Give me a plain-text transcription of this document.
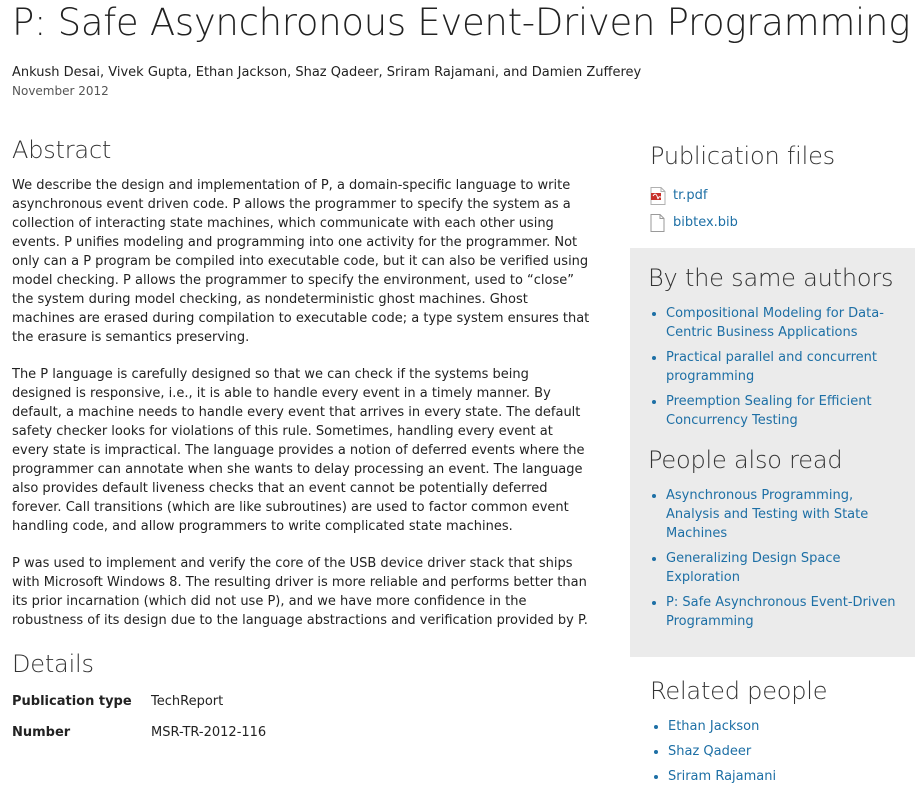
P: Safe Asynchronous Event-Driven Programming
Ankush Desai, Vivek Gupta, Ethan Jackson, Shaz Qadeer, Sriram Rajamani, and Damien Zufferey
November 2012
Abstract

We describe the design and implementation of P, a domain-specific language to write asynchronous event driven code. P allows the programmer to specify the system as a collection of interacting state machines, which communicate with each other using events. P unifies modeling and programming into one activity for the programmer. Not only can a P program be compiled into executable code, but it can also be verified using model checking. P allows the programmer to specify the environment, used to “close” the system during model checking, as nondeterministic ghost machines. Ghost machines are erased during compilation to executable code; a type system ensures that the erasure is semantics preserving.

The P language is carefully designed so that we can check if the systems being designed is responsive, i.e., it is able to handle every event in a timely manner. By default, a machine needs to handle every event that arrives in every state. The default safety checker looks for violations of this rule. Sometimes, handling every event at every state is impractical. The language provides a notion of deferred events where the programmer can annotate when she wants to delay processing an event. The language also provides default liveness checks that an event cannot be potentially deferred forever. Call transitions (which are like subroutines) are used to factor common event handling code, and allow programmers to write complicated state machines.

P was used to implement and verify the core of the USB device driver stack that ships with Microsoft Windows 8. The resulting driver is more reliable and performs better than its prior incarnation (which did not use P), and we have more confidence in the robustness of its design due to the language abstractions and verification provided by P.

Details
Publication type	TechReport
Number	MSR-TR-2012-116
Publication files
tr.pdf
bibtex.bib
By the same authors
• Compositional Modeling for Data-Centric Business Applications
• Practical parallel and concurrent programming
• Preemption Sealing for Efficient Concurrency Testing
People also read
• Asynchronous Programming, Analysis and Testing with State Machines
• Generalizing Design Space Exploration
• P: Safe Asynchronous Event-Driven Programming
Related people
• Ethan Jackson
• Shaz Qadeer
• Sriram Rajamani
